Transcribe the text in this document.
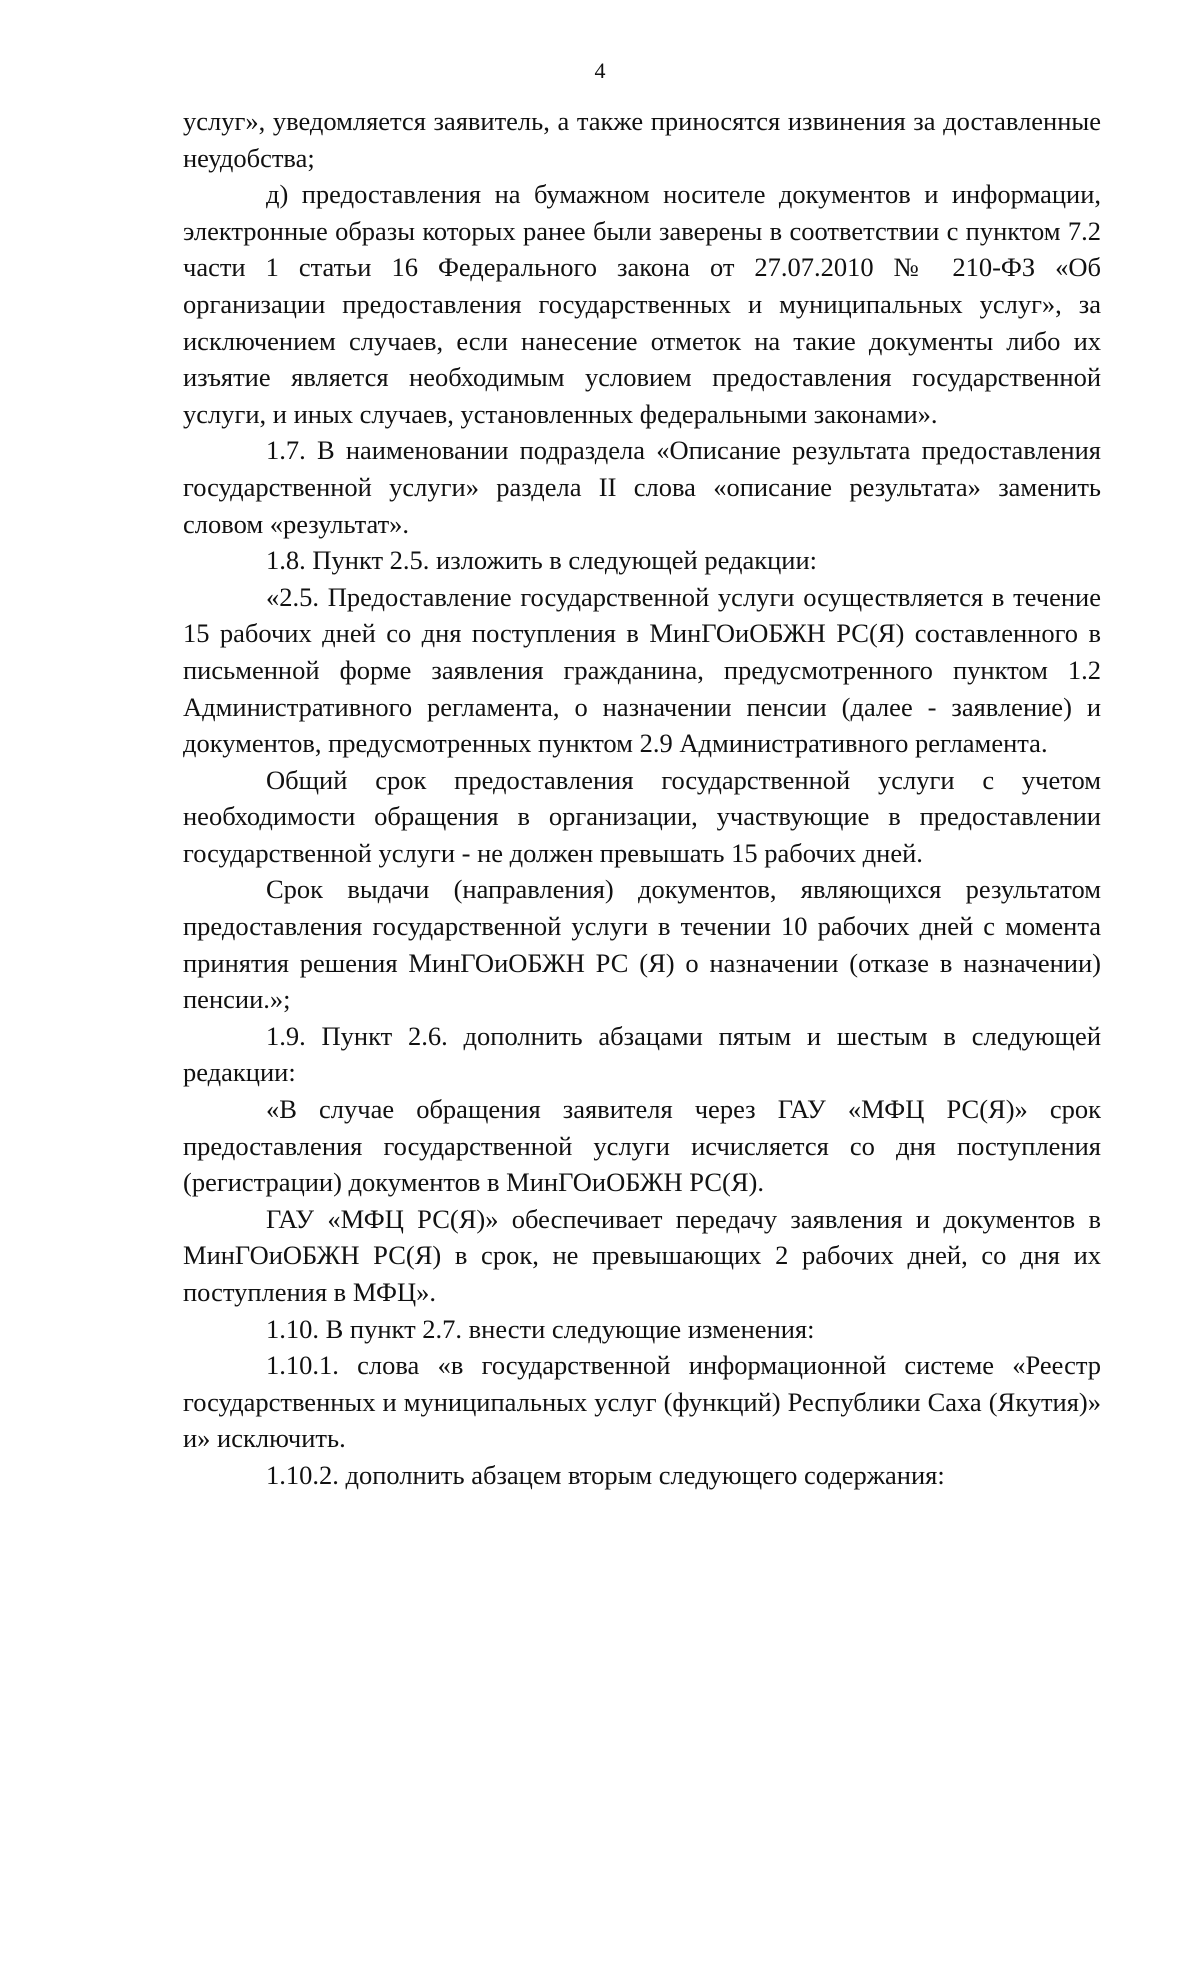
4

услуг», уведомляется заявитель, а также приносятся извинения за доставленные неудобства;

д) предоставления на бумажном носителе документов и информации, электронные образы которых ранее были заверены в соответствии с пунктом 7.2 части 1 статьи 16 Федерального закона от 27.07.2010 № 210-ФЗ «Об организации предоставления государственных и муниципальных услуг», за исключением случаев, если нанесение отметок на такие документы либо их изъятие является необходимым условием предоставления государственной услуги, и иных случаев, установленных федеральными законами».

1.7. В наименовании подраздела «Описание результата предоставления государственной услуги» раздела II слова «описание результата» заменить словом «результат».

1.8. Пункт 2.5. изложить в следующей редакции:

«2.5. Предоставление государственной услуги осуществляется в течение 15 рабочих дней со дня поступления в МинГОиОБЖН РС(Я) составленного в письменной форме заявления гражданина, предусмотренного пунктом 1.2 Административного регламента, о назначении пенсии (далее - заявление) и документов, предусмотренных пунктом 2.9 Административного регламента.

Общий срок предоставления государственной услуги с учетом необходимости обращения в организации, участвующие в предоставлении государственной услуги - не должен превышать 15 рабочих дней.

Срок выдачи (направления) документов, являющихся результатом предоставления государственной услуги в течении 10 рабочих дней с момента принятия решения МинГОиОБЖН РС (Я) о назначении (отказе в назначении) пенсии.»;

1.9. Пункт 2.6. дополнить абзацами пятым и шестым в следующей редакции:

«В случае обращения заявителя через ГАУ «МФЦ РС(Я)» срок предоставления государственной услуги исчисляется со дня поступления (регистрации) документов в МинГОиОБЖН РС(Я).

ГАУ «МФЦ РС(Я)» обеспечивает передачу заявления и документов в МинГОиОБЖН РС(Я) в срок, не превышающих 2 рабочих дней, со дня их поступления в МФЦ».

1.10. В пункт 2.7. внести следующие изменения:

1.10.1. слова «в государственной информационной системе «Реестр государственных и муниципальных услуг (функций) Республики Саха (Якутия)» и» исключить.

1.10.2. дополнить абзацем вторым следующего содержания:
